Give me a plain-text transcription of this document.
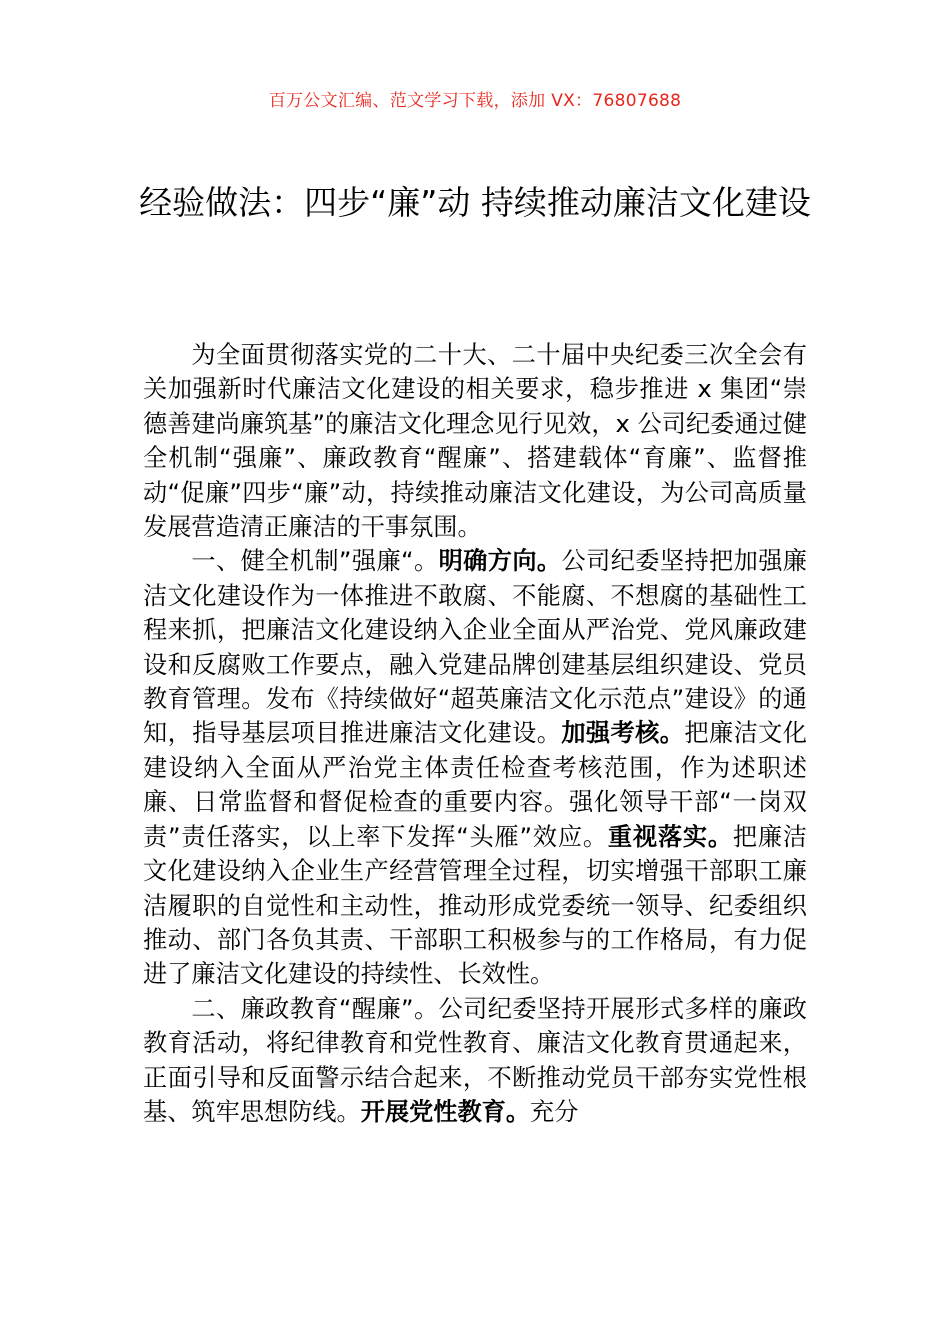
百万公文汇编、范文学习下载，添加 VX：76807688
经验做法：四步“廉”动 持续推动廉洁文化建设

为全面贯彻落实党的二十大、二十届中央纪委三次全会有关加强新时代廉洁文化建设的相关要求，稳步推进 x 集团“崇德善建尚廉筑基”的廉洁文化理念见行见效，x 公司纪委通过健全机制“强廉”、廉政教育“醒廉”、搭建载体“育廉”、监督推动“促廉”四步“廉”动，持续推动廉洁文化建设，为公司高质量发展营造清正廉洁的干事氛围。

一、健全机制”强廉“。明确方向。公司纪委坚持把加强廉洁文化建设作为一体推进不敢腐、不能腐、不想腐的基础性工程来抓，把廉洁文化建设纳入企业全面从严治党、党风廉政建设和反腐败工作要点，融入党建品牌创建基层组织建设、党员教育管理。发布《持续做好“超英廉洁文化示范点”建设》的通知，指导基层项目推进廉洁文化建设。加强考核。把廉洁文化建设纳入全面从严治党主体责任检查考核范围，作为述职述廉、日常监督和督促检查的重要内容。强化领导干部“一岗双责”责任落实，以上率下发挥“头雁”效应。重视落实。把廉洁文化建设纳入企业生产经营管理全过程，切实增强干部职工廉洁履职的自觉性和主动性，推动形成党委统一领导、纪委组织推动、部门各负其责、干部职工积极参与的工作格局，有力促进了廉洁文化建设的持续性、长效性。

二、廉政教育“醒廉”。公司纪委坚持开展形式多样的廉政教育活动，将纪律教育和党性教育、廉洁文化教育贯通起来，正面引导和反面警示结合起来，不断推动党员干部夯实党性根基、筑牢思想防线。开展党性教育。充分
